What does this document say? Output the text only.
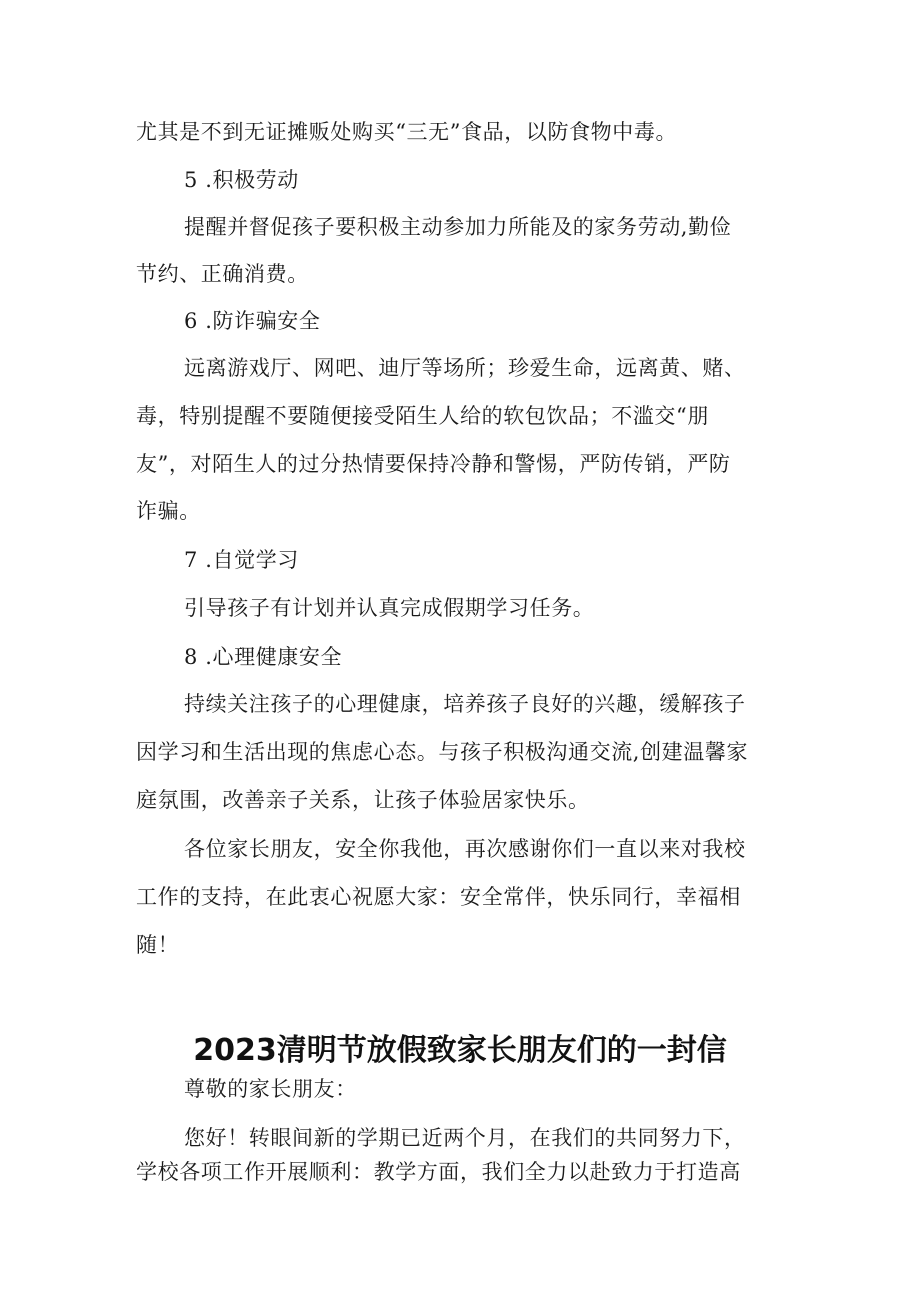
尤其是不到无证摊贩处购买“三无”食品，以防食物中毒。

5 .积极劳动

提醒并督促孩子要积极主动参加力所能及的家务劳动,勤俭

节约、正确消费。

6 .防诈骗安全

远离游戏厅、网吧、迪厅等场所；珍爱生命，远离黄、赌、

毒，特别提醒不要随便接受陌生人给的软包饮品；不滥交“朋

友”，对陌生人的过分热情要保持冷静和警惕，严防传销，严防

诈骗。

7 .自觉学习

引导孩子有计划并认真完成假期学习任务。

8 .心理健康安全

持续关注孩子的心理健康，培养孩子良好的兴趣，缓解孩子

因学习和生活出现的焦虑心态。与孩子积极沟通交流,创建温馨家

庭氛围，改善亲子关系，让孩子体验居家快乐。

各位家长朋友，安全你我他，再次感谢你们一直以来对我校

工作的支持，在此衷心祝愿大家：安全常伴，快乐同行，幸福相

随！

2023清明节放假致家长朋友们的一封信

尊敬的家长朋友：

您好！转眼间新的学期已近两个月，在我们的共同努力下，

学校各项工作开展顺利：教学方面，我们全力以赴致力于打造高
